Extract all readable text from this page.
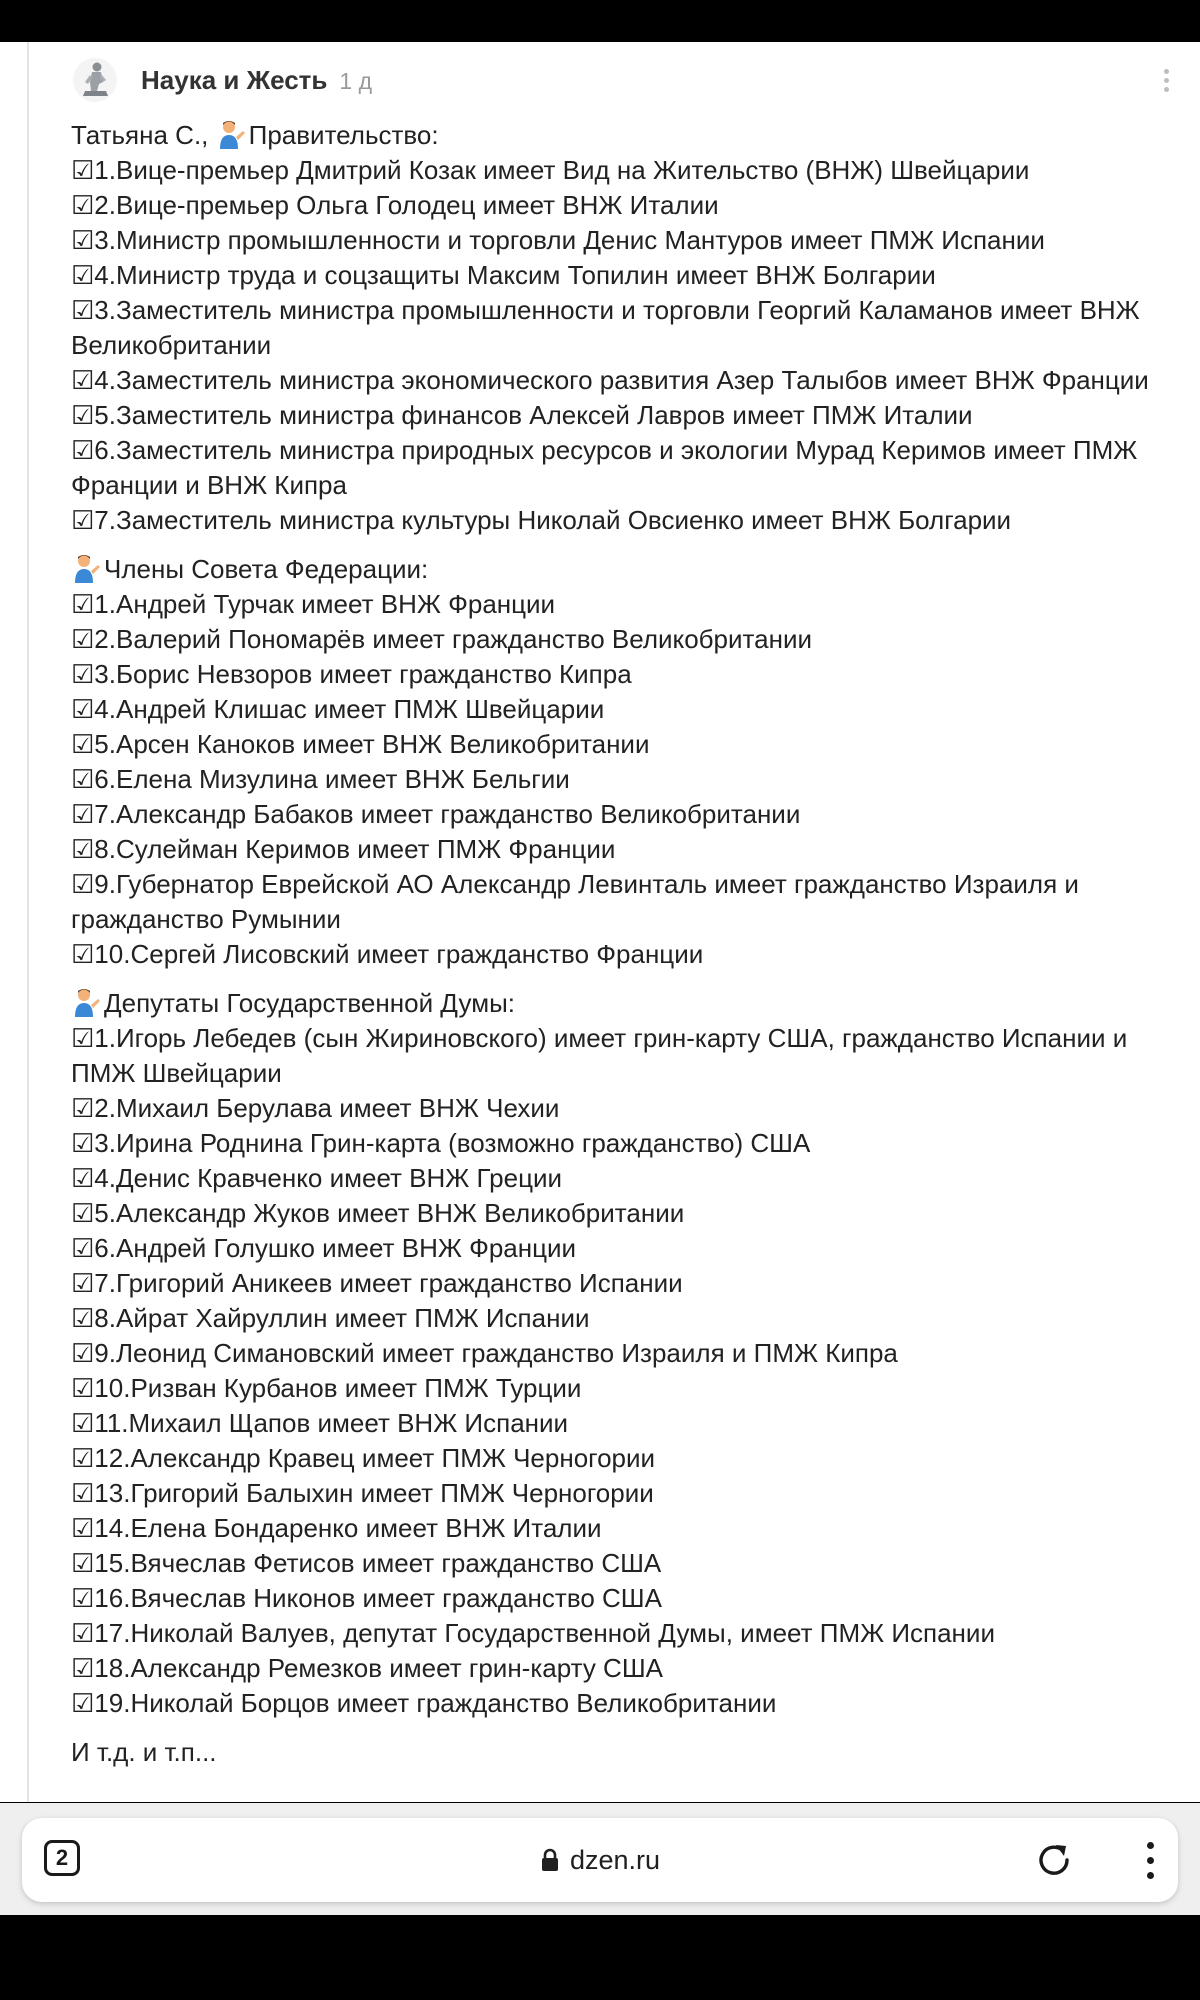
Наука и Жесть 1 д
Татьяна С., Правительство:
☑1.Вице-премьер Дмитрий Козак имеет Вид на Жительство (ВНЖ) Швейцарии
☑2.Вице-премьер Ольга Голодец имеет ВНЖ Италии
☑3.Министр промышленности и торговли Денис Мантуров имеет ПМЖ Испании
☑4.Министр труда и соцзащиты Максим Топилин имеет ВНЖ Болгарии
☑3.Заместитель министра промышленности и торговли Георгий Каламанов имеет ВНЖ Великобритании
☑4.Заместитель министра экономического развития Азер Талыбов имеет ВНЖ Франции
☑5.Заместитель министра финансов Алексей Лавров имеет ПМЖ Италии
☑6.Заместитель министра природных ресурсов и экологии Мурад Керимов имеет ПМЖ Франции и ВНЖ Кипра
☑7.Заместитель министра культуры Николай Овсиенко имеет ВНЖ Болгарии
Члены Совета Федерации:
☑1.Андрей Турчак имеет ВНЖ Франции
☑2.Валерий Пономарёв имеет гражданство Великобритании
☑3.Борис Невзоров имеет гражданство Кипра
☑4.Андрей Клишас имеет ПМЖ Швейцарии
☑5.Арсен Каноков имеет ВНЖ Великобритании
☑6.Елена Мизулина имеет ВНЖ Бельгии
☑7.Александр Бабаков имеет гражданство Великобритании
☑8.Сулейман Керимов имеет ПМЖ Франции
☑9.Губернатор Еврейской АО Александр Левинталь имеет гражданство Израиля и гражданство Румынии
☑10.Сергей Лисовский имеет гражданство Франции
Депутаты Государственной Думы:
☑1.Игорь Лебедев (сын Жириновского) имеет грин-карту США, гражданство Испании и ПМЖ Швейцарии
☑2.Михаил Берулава имеет ВНЖ Чехии
☑3.Ирина Роднина Грин-карта (возможно гражданство) США
☑4.Денис Кравченко имеет ВНЖ Греции
☑5.Александр Жуков имеет ВНЖ Великобритании
☑6.Андрей Голушко имеет ВНЖ Франции
☑7.Григорий Аникеев имеет гражданство Испании
☑8.Айрат Хайруллин имеет ПМЖ Испании
☑9.Леонид Симановский имеет гражданство Израиля и ПМЖ Кипра
☑10.Ризван Курбанов имеет ПМЖ Турции
☑11.Михаил Щапов имеет ВНЖ Испании
☑12.Александр Кравец имеет ПМЖ Черногории
☑13.Григорий Балыхин имеет ПМЖ Черногории
☑14.Елена Бондаренко имеет ВНЖ Италии
☑15.Вячеслав Фетисов имеет гражданство США
☑16.Вячеслав Никонов имеет гражданство США
☑17.Николай Валуев, депутат Государственной Думы, имеет ПМЖ Испании
☑18.Александр Ремезков имеет грин-карту США
☑19.Николай Борцов имеет гражданство Великобритании
И т.д. и т.п...
2	dzen.ru
